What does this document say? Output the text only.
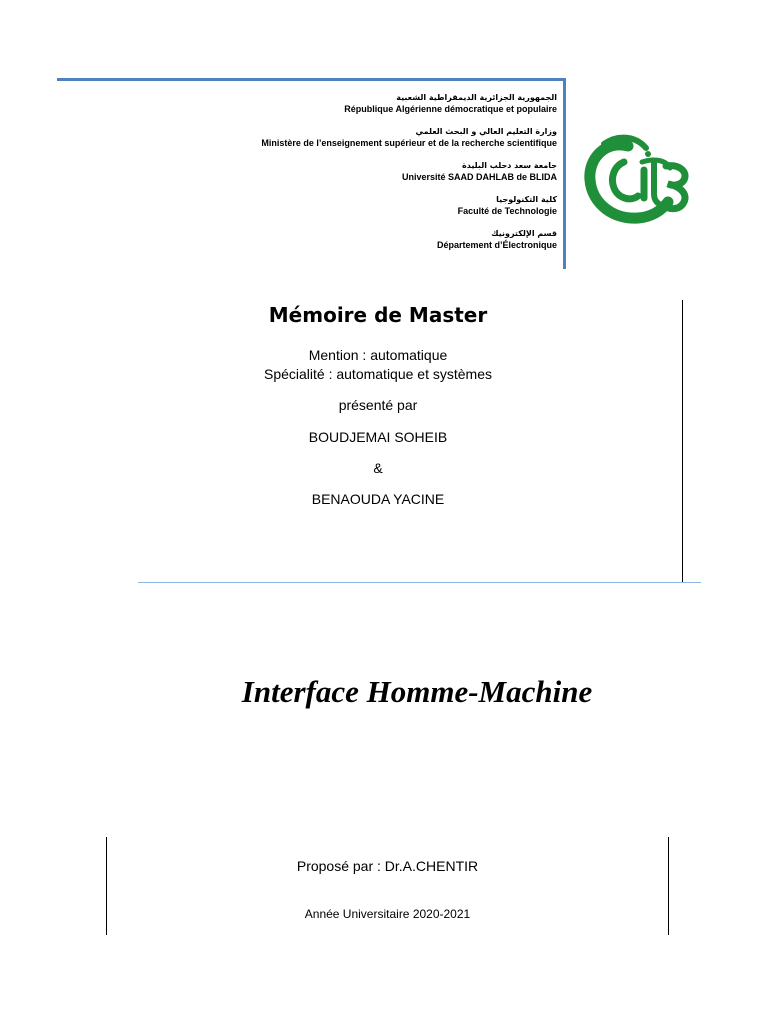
الجمهورية الجزائرية الديمقراطية الشعبية
République Algérienne démocratique et populaire
وزارة التعليم العالي و البحث العلمي
Ministère de l’enseignement supérieur et de la recherche scientifique
جامعة سعد دحلب البليدة
Université SAAD DAHLAB de BLIDA
كلية التكنولوجيا
Faculté de Technologie
قسم الإلكترونيك
Département d’Électronique
Mémoire de Master
Mention : automatique
Spécialité : automatique et systèmes
présenté par
BOUDJEMAI SOHEIB
&
BENAOUDA YACINE
Interface Homme-Machine
Proposé par : Dr.A.CHENTIR
Année Universitaire 2020-2021
